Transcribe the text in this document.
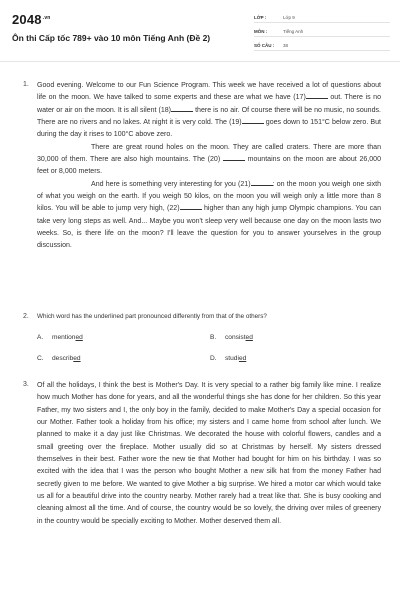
$2048^{.vn}$
Ôn thi Cấp tốc 789+ vào 10 môn Tiếng Anh (Đề 2)
LỚP :	Lớp 9
MÔN :	Tiếng Anh
SỐ CÂU :	38
1. Good evening. Welcome to our Fun Science Program. This week we have received a lot of questions about life on the moon. We have talked to some experts and these are what we have (17)	out. There is no water or air on the moon. It is all silent (18)	there is no air. Of course there will be no music, no sounds. There are no rivers and no lakes. At night it is very cold. The (19)	goes down to 151°C below zero. But during the day it rises to 100°C above zero.

There are great round holes on the moon. They are called craters. There are more than 30,000 of them. There are also high mountains. The (20)	mountains on the moon are about 26,000 feet or 8,000 meters.

And here is something very interesting for you (21)	: on the moon you weigh one sixth of what you weigh on the earth. If you weigh 50 kilos, on the moon you will weigh only a little more than 8 kilos. You will be able to jump very high, (22)	higher than any high jump Olympic champions. You can take very long steps as well. And... Maybe you won't sleep very well because one day on the moon lasts two weeks. So, is there life on the moon? I'll leave the question for you to answer yourselves in the group discussion.

2. Which word has the underlined part pronounced differently from that of the others?
A. mentioned	B. consisted
C. described	D. studied
3. Of all the holidays, I think the best is Mother's Day. It is very special to a rather big family like mine. I realize how much Mother has done for years, and all the wonderful things she has done for her children. So this year Father, my two sisters and I, the only boy in the family, decided to make Mother's Day a special occasion for our Mother. Father took a holiday from his office; my sisters and I came home from school after lunch. We planned to make it a day just like Christmas. We decorated the house with colorful flowers, candles and a small greeting over the fireplace. Mother usually did so at Christmas by herself. My sisters dressed themselves in their best. Father wore the new tie that Mother had bought for him on his birthday. I was so excited with the idea that I was the person who bought Mother a new silk hat from the money Father had secretly given to me before. We wanted to give Mother a big surprise. We hired a motor car which would take us all for a beautiful drive into the country nearby. Mother rarely had a treat like that. She is busy cooking and cleaning almost all the time. And of course, the country would be so lovely, the driving over miles of greenery in the country would be specially exciting to Mother. Mother deserved them all.
